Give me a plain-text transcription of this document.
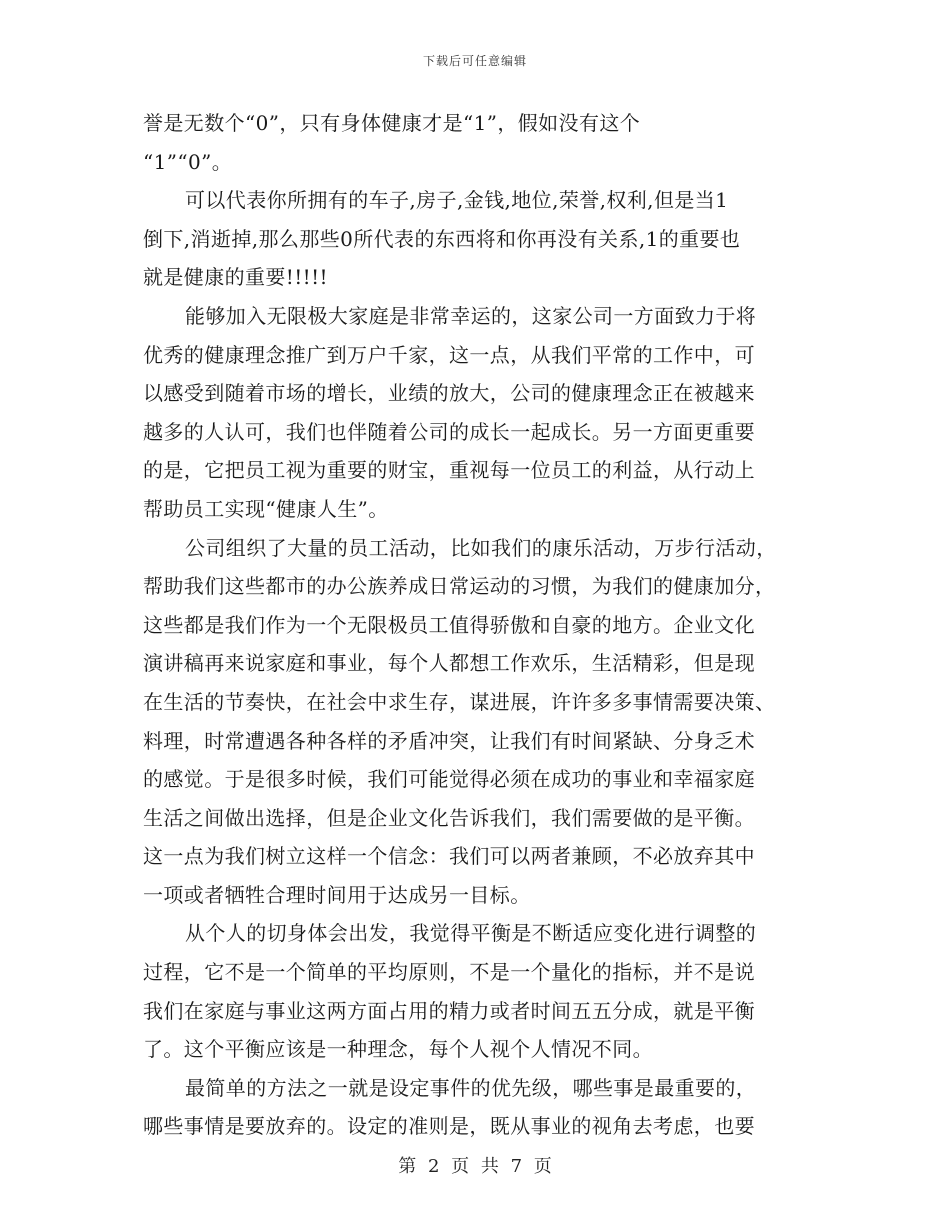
下载后可任意编辑
誉是无数个“0”，只有身体健康才是“1”，假如没有这个
“1”“0”。
可以代表你所拥有的车子,房子,金钱,地位,荣誉,权利,但是当1
倒下,消逝掉,那么那些0所代表的东西将和你再没有关系,1的重要也
就是健康的重要!!!!!
能够加入无限极大家庭是非常幸运的，这家公司一方面致力于将
优秀的健康理念推广到万户千家，这一点，从我们平常的工作中，可
以感受到随着市场的增长，业绩的放大，公司的健康理念正在被越来
越多的人认可，我们也伴随着公司的成长一起成长。另一方面更重要
的是，它把员工视为重要的财宝，重视每一位员工的利益，从行动上
帮助员工实现“健康人生”。
公司组织了大量的员工活动，比如我们的康乐活动，万步行活动，
帮助我们这些都市的办公族养成日常运动的习惯，为我们的健康加分，
这些都是我们作为一个无限极员工值得骄傲和自豪的地方。企业文化
演讲稿再来说家庭和事业，每个人都想工作欢乐，生活精彩，但是现
在生活的节奏快，在社会中求生存，谋进展，许许多多事情需要决策、
料理，时常遭遇各种各样的矛盾冲突，让我们有时间紧缺、分身乏术
的感觉。于是很多时候，我们可能觉得必须在成功的事业和幸福家庭
生活之间做出选择，但是企业文化告诉我们，我们需要做的是平衡。
这一点为我们树立这样一个信念：我们可以两者兼顾，不必放弃其中
一项或者牺牲合理时间用于达成另一目标。
从个人的切身体会出发，我觉得平衡是不断适应变化进行调整的
过程，它不是一个简单的平均原则，不是一个量化的指标，并不是说
我们在家庭与事业这两方面占用的精力或者时间五五分成，就是平衡
了。这个平衡应该是一种理念，每个人视个人情况不同。
最简单的方法之一就是设定事件的优先级，哪些事是最重要的，
哪些事情是要放弃的。设定的准则是，既从事业的视角去考虑，也要
第 2 页 共 7 页
